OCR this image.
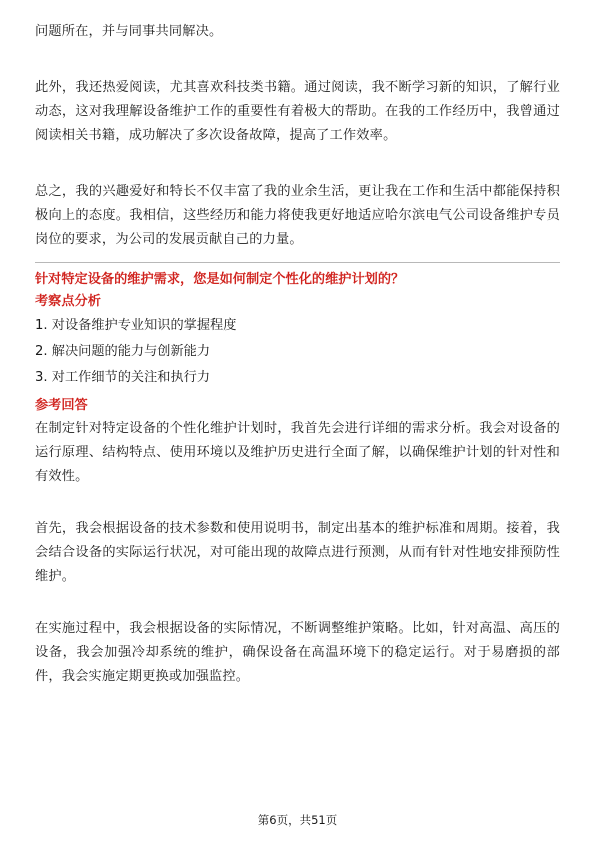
问题所在，并与同事共同解决。

此外，我还热爱阅读，尤其喜欢科技类书籍。通过阅读，我不断学习新的知识，了解行业动态，这对我理解设备维护工作的重要性有着极大的帮助。在我的工作经历中，我曾通过阅读相关书籍，成功解决了多次设备故障，提高了工作效率。

总之，我的兴趣爱好和特长不仅丰富了我的业余生活，更让我在工作和生活中都能保持积极向上的态度。我相信，这些经历和能力将使我更好地适应哈尔滨电气公司设备维护专员岗位的要求，为公司的发展贡献自己的力量。

针对特定设备的维护需求，您是如何制定个性化的维护计划的？

考察点分析

1. 对设备维护专业知识的掌握程度
2. 解决问题的能力与创新能力
3. 对工作细节的关注和执行力

参考回答

在制定针对特定设备的个性化维护计划时，我首先会进行详细的需求分析。我会对设备的运行原理、结构特点、使用环境以及维护历史进行全面了解，以确保维护计划的针对性和有效性。

首先，我会根据设备的技术参数和使用说明书，制定出基本的维护标准和周期。接着，我会结合设备的实际运行状况，对可能出现的故障点进行预测，从而有针对性地安排预防性维护。

在实施过程中，我会根据设备的实际情况，不断调整维护策略。比如，针对高温、高压的设备，我会加强冷却系统的维护，确保设备在高温环境下的稳定运行。对于易磨损的部件，我会实施定期更换或加强监控。

第6页，共51页
